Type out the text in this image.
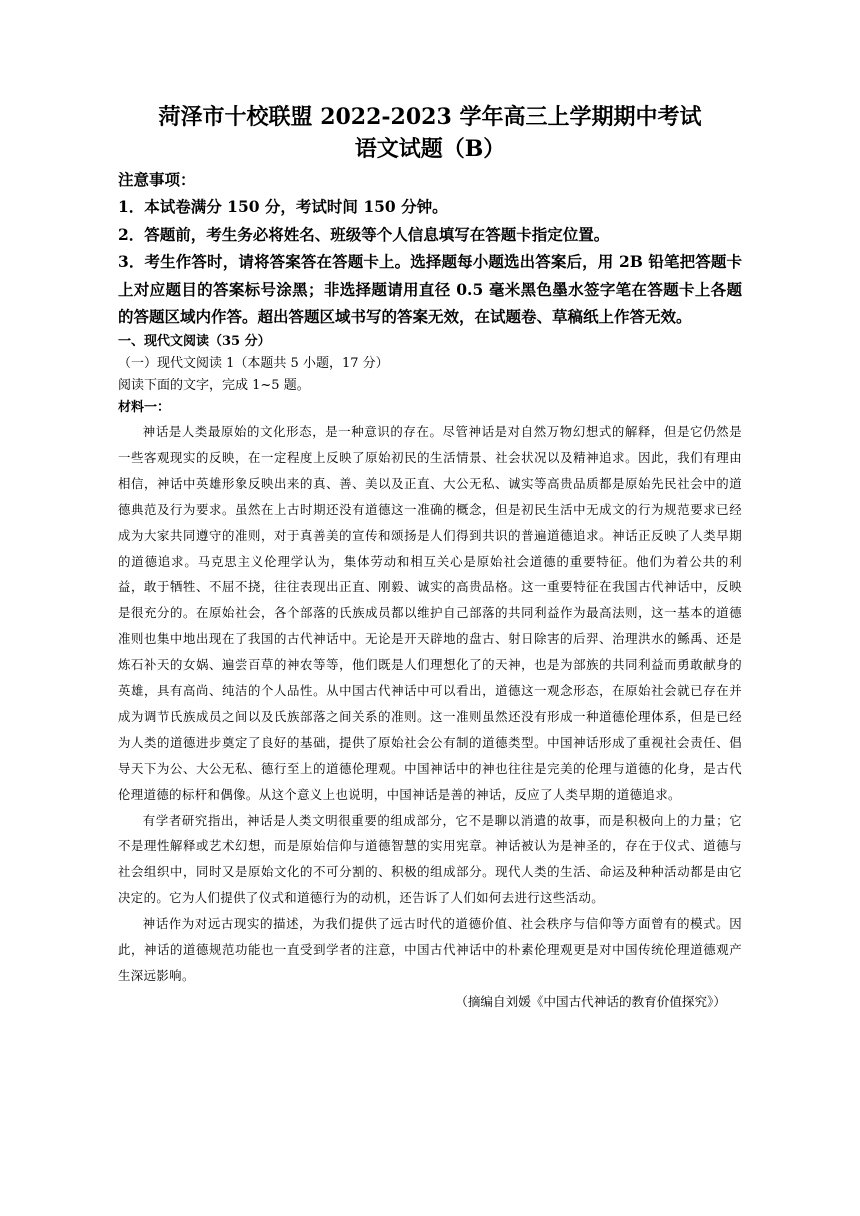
菏泽市十校联盟 2022-2023 学年高三上学期期中考试
语文试题（B）

注意事项：

1．本试卷满分 150 分，考试时间 150 分钟。

2．答题前，考生务必将姓名、班级等个人信息填写在答题卡指定位置。

3．考生作答时，请将答案答在答题卡上。选择题每小题选出答案后，用 2B 铅笔把答题卡上对应题目的答案标号涂黑；非选择题请用直径 0.5 毫米黑色墨水签字笔在答题卡上各题的答题区域内作答。超出答题区域书写的答案无效，在试题卷、草稿纸上作答无效。

一、现代文阅读（35 分）

（一）现代文阅读 1（本题共 5 小题，17 分）

阅读下面的文字，完成 1~5 题。

材料一：

神话是人类最原始的文化形态，是一种意识的存在。尽管神话是对自然万物幻想式的解释，但是它仍然是一些客观现实的反映，在一定程度上反映了原始初民的生活情景、社会状况以及精神追求。因此，我们有理由相信，神话中英雄形象反映出来的真、善、美以及正直、大公无私、诚实等高贵品质都是原始先民社会中的道德典范及行为要求。虽然在上古时期还没有道德这一准确的概念，但是初民生活中无成文的行为规范要求已经成为大家共同遵守的准则，对于真善美的宣传和颂扬是人们得到共识的普遍道德追求。神话正反映了人类早期的道德追求。马克思主义伦理学认为，集体劳动和相互关心是原始社会道德的重要特征。他们为着公共的利益，敢于牺牲、不屈不挠，往往表现出正直、刚毅、诚实的高贵品格。这一重要特征在我国古代神话中，反映是很充分的。在原始社会，各个部落的氏族成员都以维护自己部落的共同利益作为最高法则，这一基本的道德准则也集中地出现在了我国的古代神话中。无论是开天辟地的盘古、射日除害的后羿、治理洪水的鲧禹、还是炼石补天的女娲、遍尝百草的神农等等，他们既是人们理想化了的天神，也是为部族的共同利益而勇敢献身的英雄，具有高尚、纯洁的个人品性。从中国古代神话中可以看出，道德这一观念形态，在原始社会就已存在并成为调节氏族成员之间以及氏族部落之间关系的准则。这一准则虽然还没有形成一种道德伦理体系，但是已经为人类的道德进步奠定了良好的基础，提供了原始社会公有制的道德类型。中国神话形成了重视社会责任、倡导天下为公、大公无私、德行至上的道德伦理观。中国神话中的神也往往是完美的伦理与道德的化身，是古代伦理道德的标杆和偶像。从这个意义上也说明，中国神话是善的神话，反应了人类早期的道德追求。

有学者研究指出，神话是人类文明很重要的组成部分，它不是聊以消遣的故事，而是积极向上的力量；它不是理性解释或艺术幻想，而是原始信仰与道德智慧的实用宪章。神话被认为是神圣的，存在于仪式、道德与社会组织中，同时又是原始文化的不可分割的、积极的组成部分。现代人类的生活、命运及种种活动都是由它决定的。它为人们提供了仪式和道德行为的动机，还告诉了人们如何去进行这些活动。

神话作为对远古现实的描述，为我们提供了远古时代的道德价值、社会秩序与信仰等方面曾有的模式。因此，神话的道德规范功能也一直受到学者的注意，中国古代神话中的朴素伦理观更是对中国传统伦理道德观产生深远影响。

（摘编自刘媛《中国古代神话的教育价值探究》）
